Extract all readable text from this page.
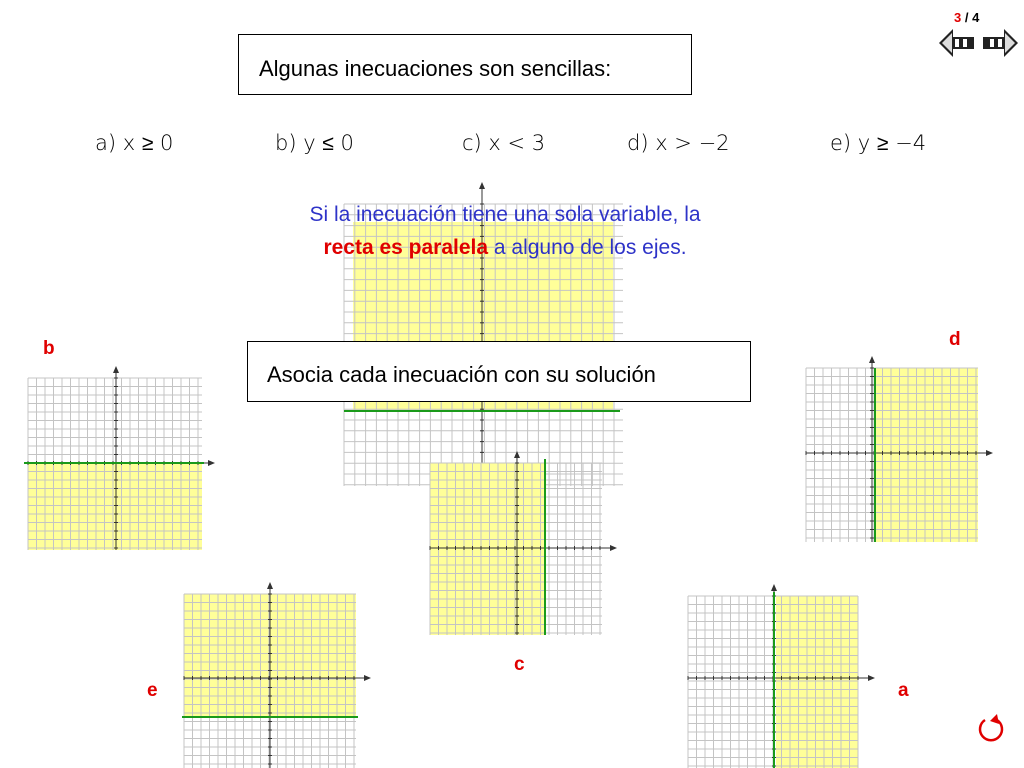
3 / 4
Algunas inecuaciones son sencillas:
a) x ≥ 0	b) y ≤ 0	c) x < 3	d) x > −2	e) y ≥ −4
Si la inecuación tiene una sola variable, la
recta es paralela a alguno de los ejes.
Asocia cada inecuación con su solución
b	d
c
e	a
